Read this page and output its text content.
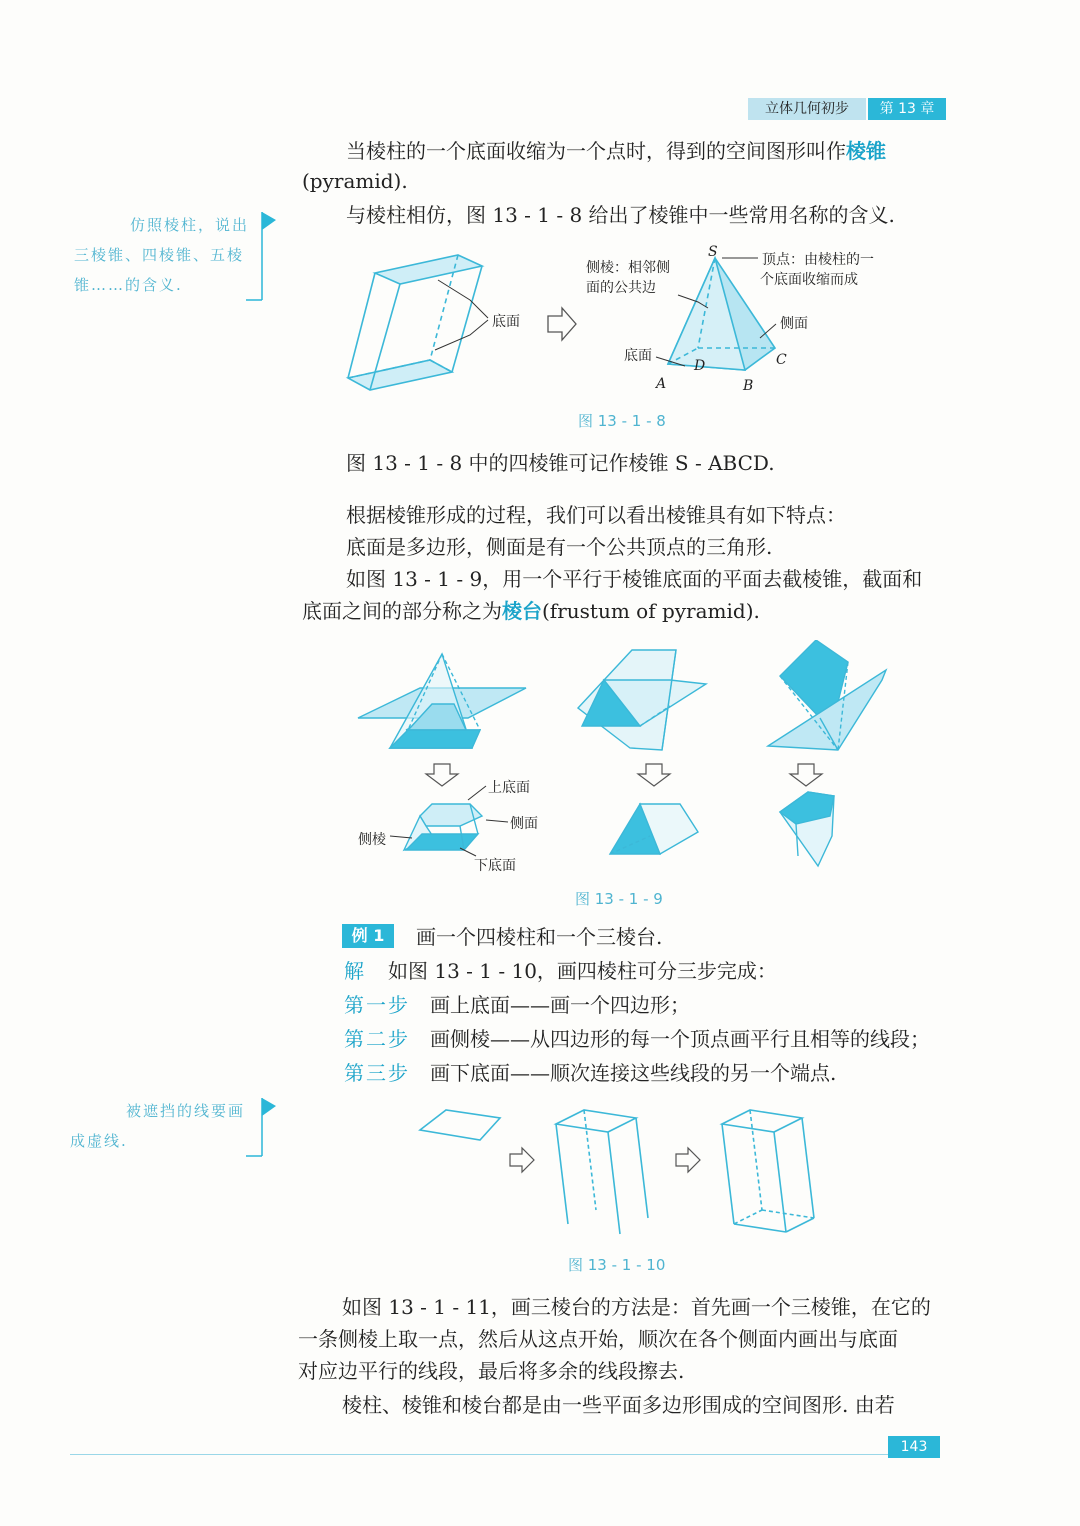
立体几何初步	第 13 章
当棱柱的一个底面收缩为一个点时，得到的空间图形叫作棱锥
(pyramid).
与棱柱相仿，图 13 - 1 - 8 给出了棱锥中一些常用名称的含义.
仿照棱柱，说出
三棱锥、四棱锥、五棱
锥……的含义.
底面
S
A	B
C
D
侧棱：相邻侧
面的公共边
顶点：由棱柱的一
个底面收缩而成
侧面
底面
图 13 - 1 - 8
图 13 - 1 - 8 中的四棱锥可记作棱锥 S - ABCD.
根据棱锥形成的过程，我们可以看出棱锥具有如下特点：
底面是多边形，侧面是有一个公共顶点的三角形.
如图 13 - 1 - 9，用一个平行于棱锥底面的平面去截棱锥，截面和
底面之间的部分称之为棱台(frustum of pyramid).
上底面
侧面
侧棱
下底面
图 13 - 1 - 9
例 1	画一个四棱柱和一个三棱台.
解 如图 13 - 1 - 10，画四棱柱可分三步完成：
第一步 画上底面——画一个四边形；
第二步 画侧棱——从四边形的每一个顶点画平行且相等的线段；
第三步 画下底面——顺次连接这些线段的另一个端点.
被遮挡的线要画
成虚线.
图 13 - 1 - 10
如图 13 - 1 - 11，画三棱台的方法是：首先画一个三棱锥，在它的
一条侧棱上取一点，然后从这点开始，顺次在各个侧面内画出与底面
对应边平行的线段，最后将多余的线段擦去.
棱柱、棱锥和棱台都是由一些平面多边形围成的空间图形. 由若
143
